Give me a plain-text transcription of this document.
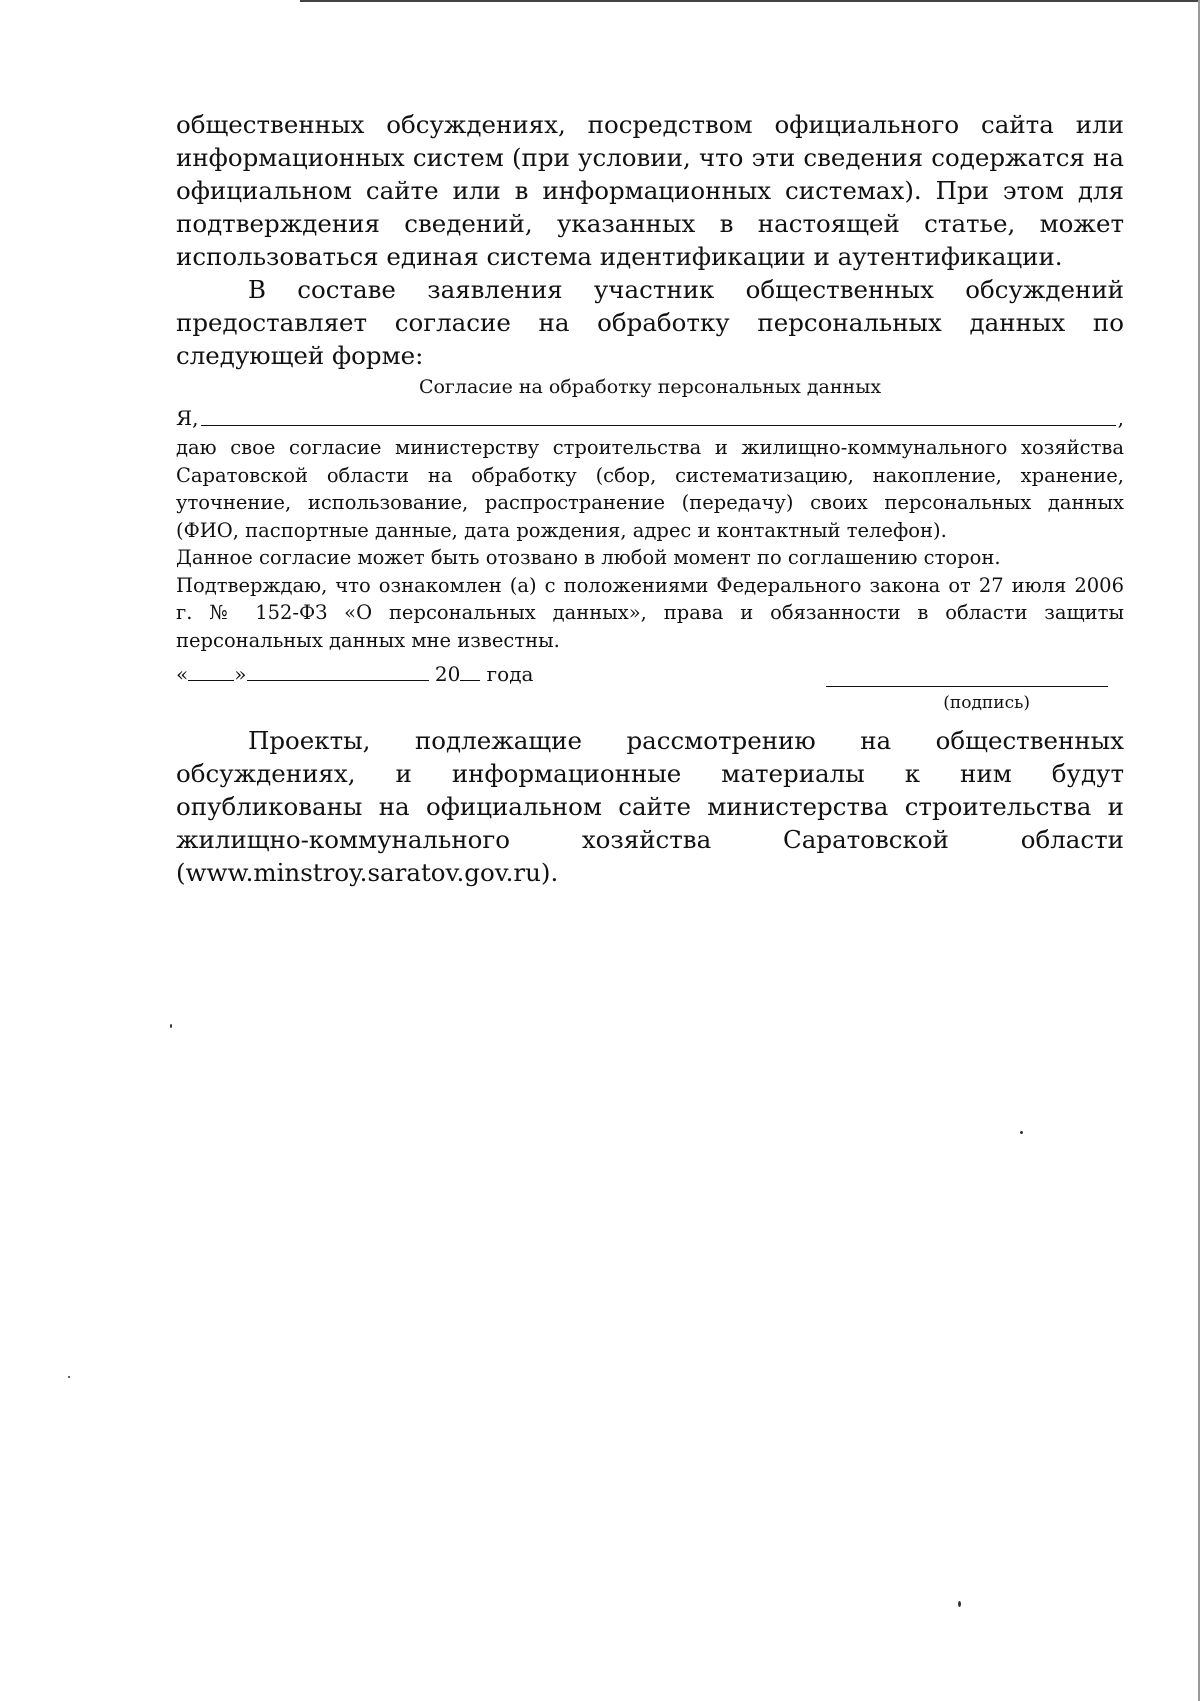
общественных обсуждениях, посредством официального сайта или информационных систем (при условии, что эти сведения содержатся на официальном сайте или в информационных системах). При этом для подтверждения сведений, указанных в настоящей статье, может использоваться единая система идентификации и аутентификации.

В составе заявления участник общественных обсуждений предоставляет согласие на обработку персональных данных по следующей форме:

Согласие на обработку персональных данных
Я,	,

даю свое согласие министерству строительства и жилищно-коммунального хозяйства Саратовской области на обработку (сбор, систематизацию, накопление, хранение, уточнение, использование, распространение (передачу) своих персональных данных (ФИО, паспортные данные, дата рождения, адрес и контактный телефон).

Данное согласие может быть отозвано в любой момент по соглашению сторон.

Подтверждаю, что ознакомлен (а) с положениями Федерального закона от 27 июля 2006 г. № 152-ФЗ «О персональных данных», права и обязанности в области защиты персональных данных мне известны.

« »	20 года
(подпись)

Проекты, подлежащие рассмотрению на общественных обсуждениях, и информационные материалы к ним будут опубликованы на официальном сайте министерства строительства и жилищно-коммунального хозяйства Саратовской области (www.minstroy.saratov.gov.ru).
